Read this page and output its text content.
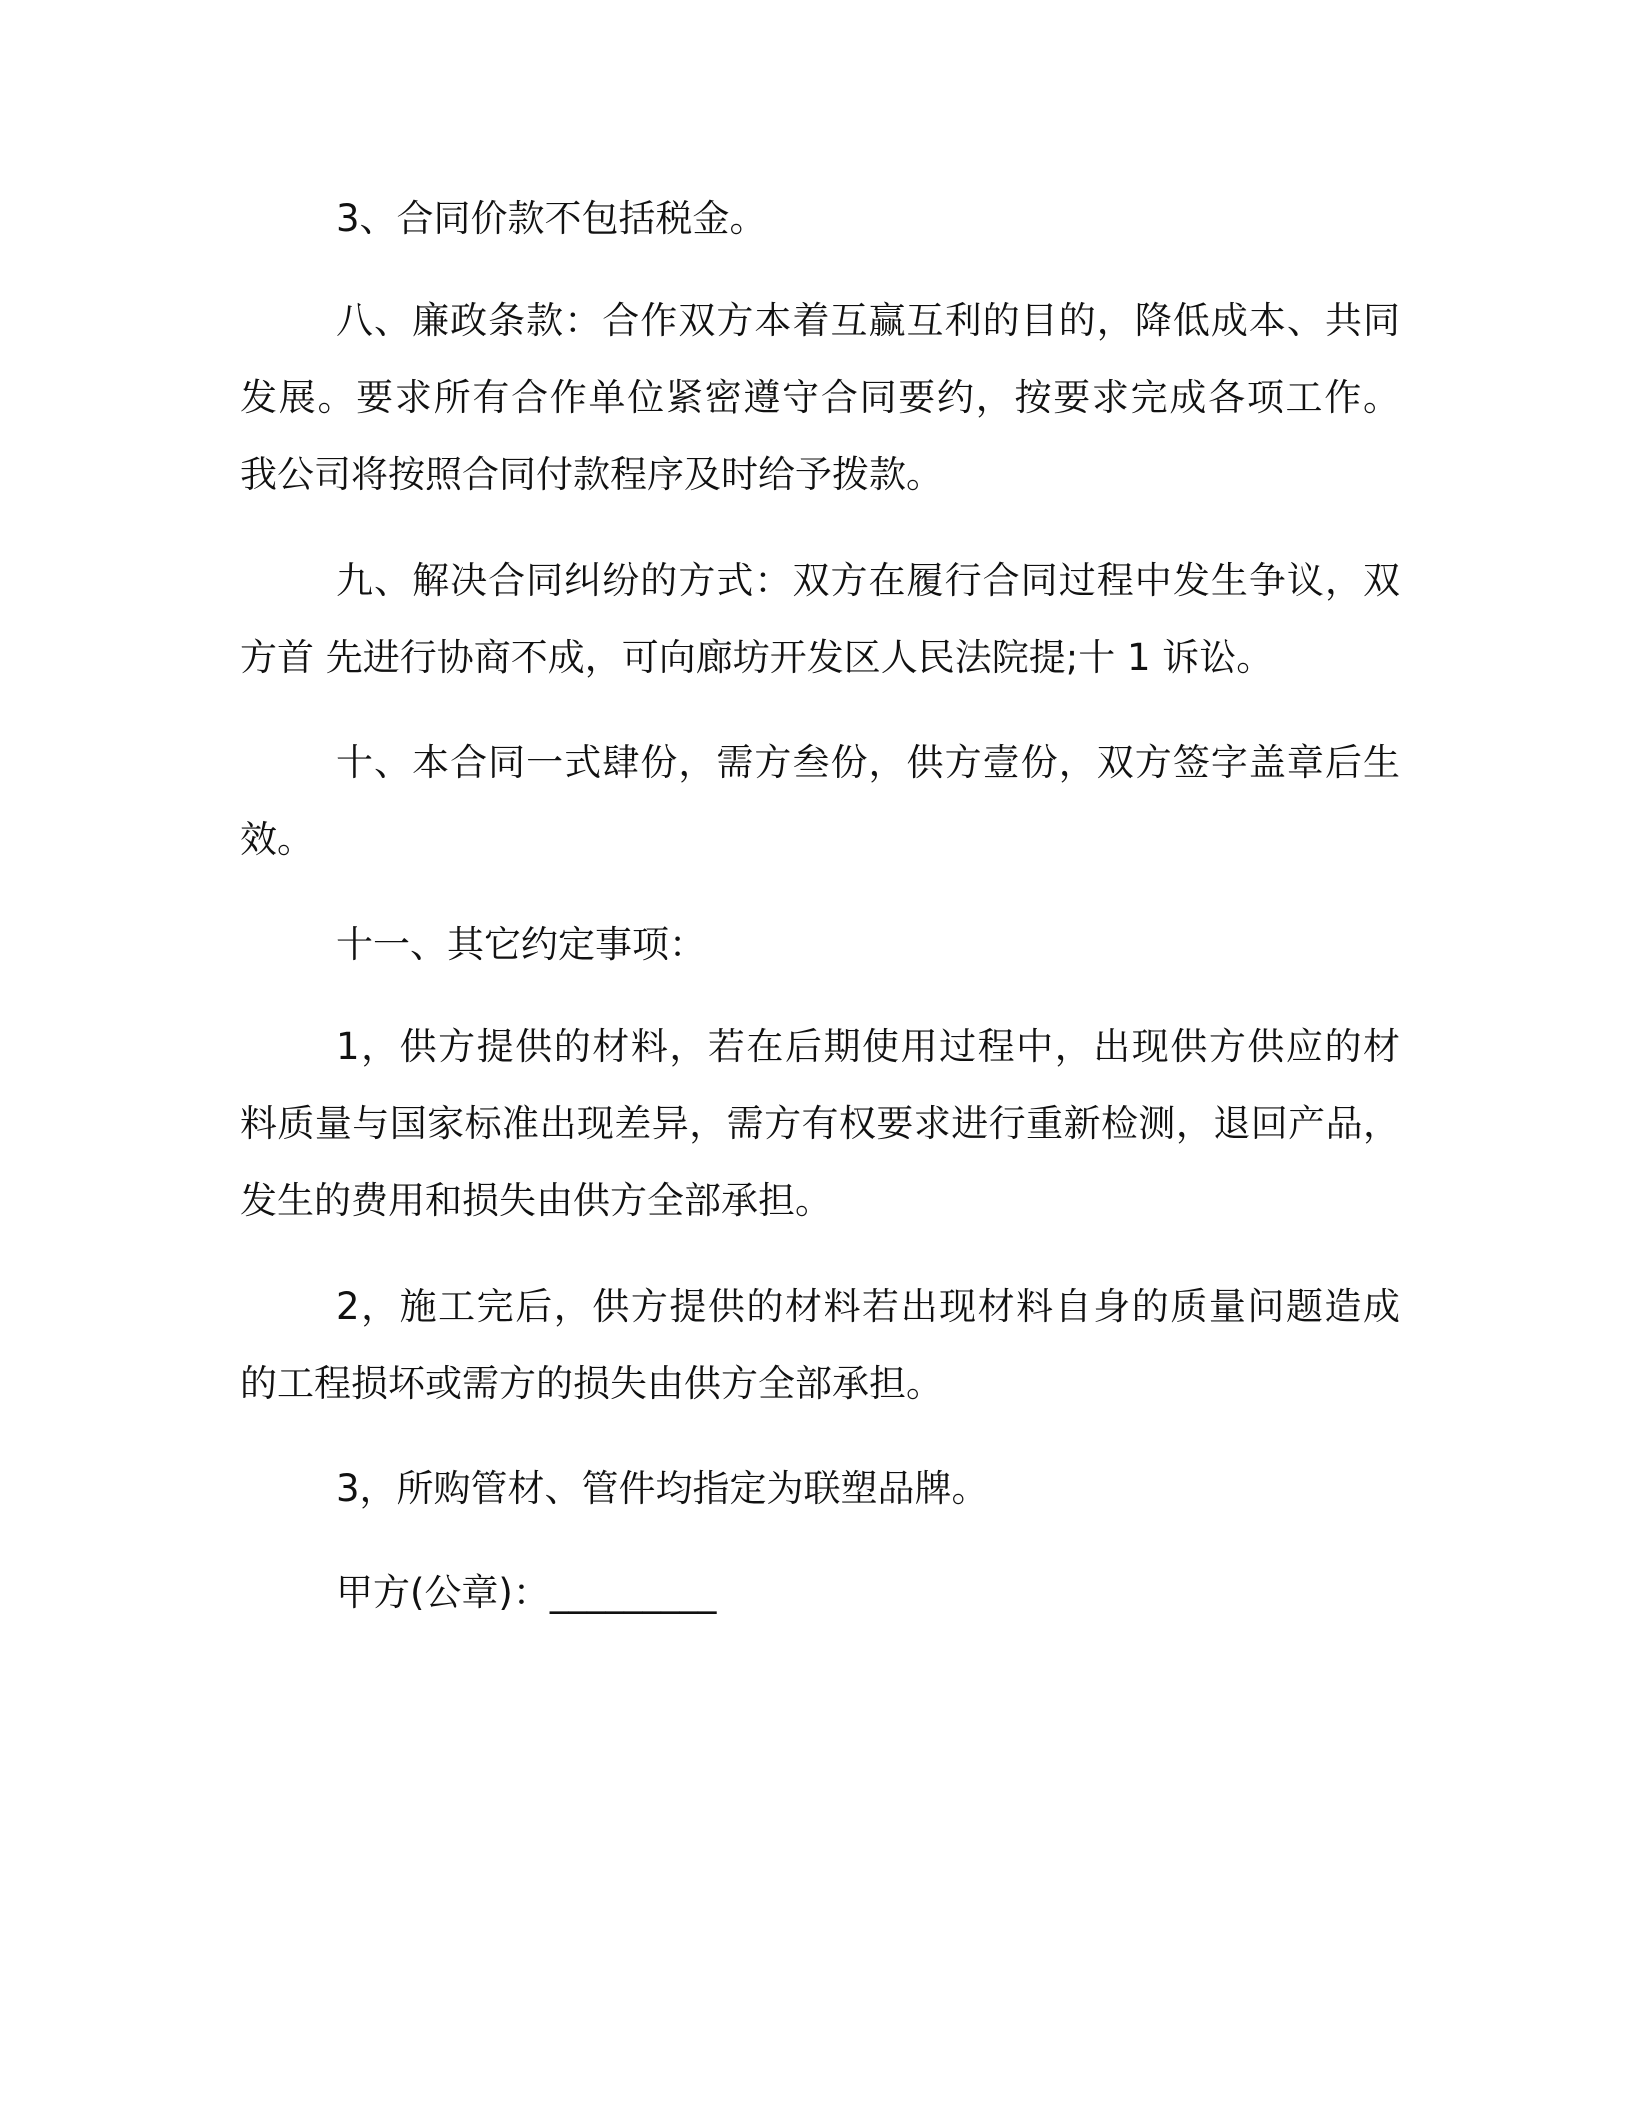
3、合同价款不包括税金。

八、廉政条款：合作双方本着互赢互利的目的，降低成本、共同
发展。要求所有合作单位紧密遵守合同要约，按要求完成各项工作。
我公司将按照合同付款程序及时给予拨款。

九、解决合同纠纷的方式：双方在履行合同过程中发生争议，双
方首 先进行协商不成，可向廊坊开发区人民法院提;十 1 诉讼。

十、本合同一式肆份，需方叁份，供方壹份，双方签字盖章后生
效。

十一、其它约定事项：

1，供方提供的材料，若在后期使用过程中，出现供方供应的材
料质量与国家标准出现差异，需方有权要求进行重新检测，退回产品，
发生的费用和损失由供方全部承担。

2，施工完后，供方提供的材料若出现材料自身的质量问题造成
的工程损坏或需方的损失由供方全部承担。

3，所购管材、管件均指定为联塑品牌。

甲方(公章)：_________
